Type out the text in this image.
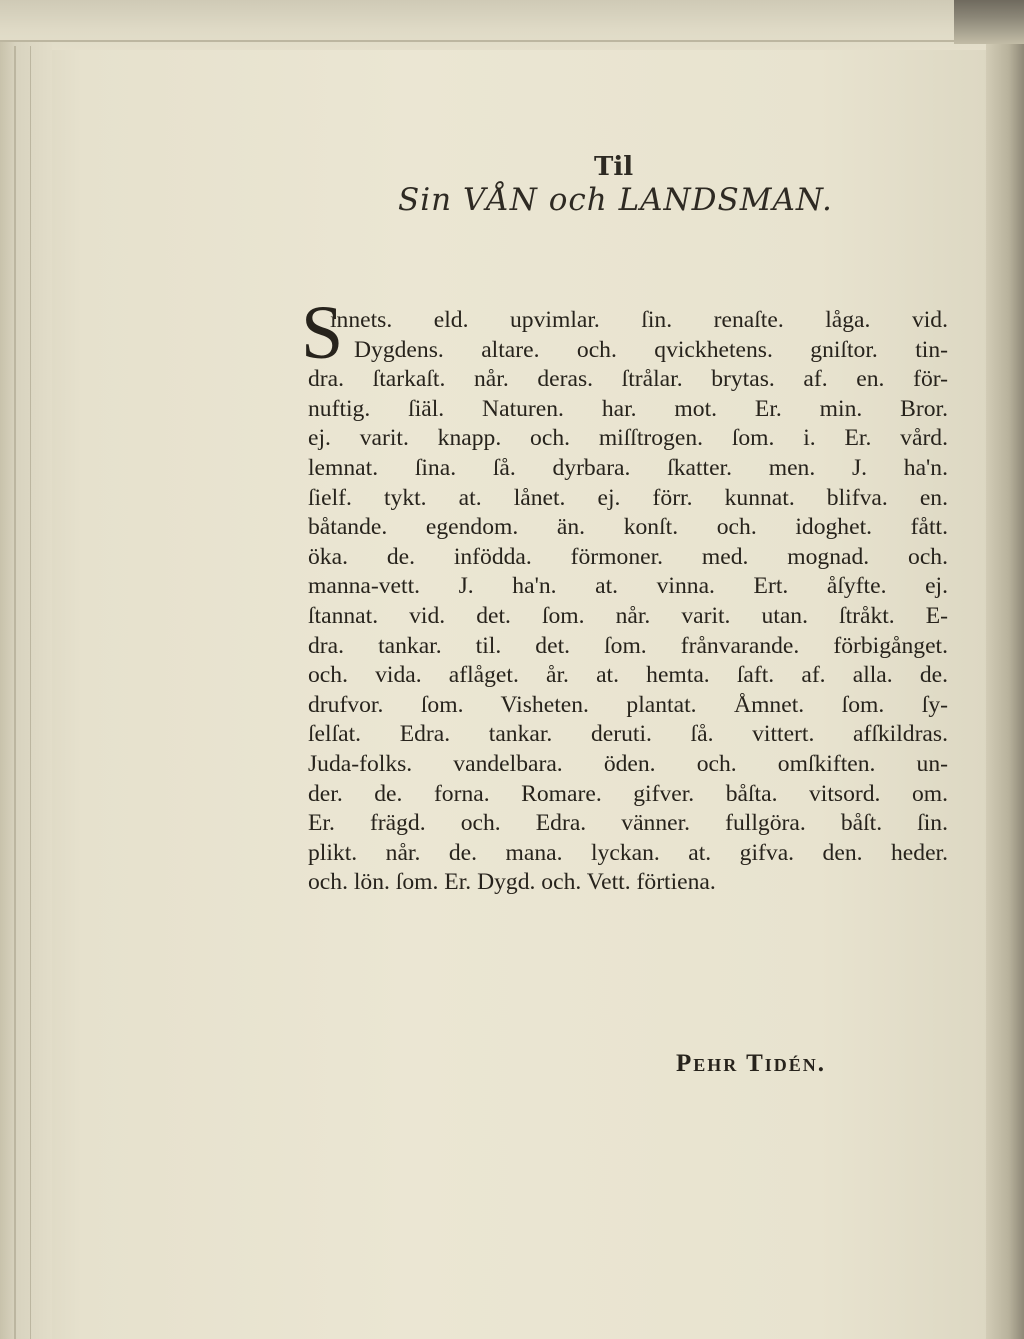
Til
Sin VÅN och LANDSMAN.
S
innets. eld. upvimlar. ſin. renaſte. låga. vid.
Dygdens. altare. och. qvickhetens. gniſtor. tin-
dra. ſtarkaſt. når. deras. ſtrålar. brytas. af. en. för-
nuftig. ſiäl. Naturen. har. mot. Er. min. Bror.
ej. varit. knapp. och. miſſtrogen. ſom. i. Er. vård.
lemnat. ſina. ſå. dyrbara. ſkatter. men. J. ha'n.
ſielf. tykt. at. lånet. ej. förr. kunnat. blifva. en.
båtande. egendom. än. konſt. och. idoghet. fått.
öka. de. infödda. förmoner. med. mognad. och.
manna-vett. J. ha'n. at. vinna. Ert. åſyfte. ej.
ſtannat. vid. det. ſom. når. varit. utan. ſtråkt. E-
dra. tankar. til. det. ſom. frånvarande. förbigånget.
och. vida. aflåget. år. at. hemta. ſaft. af. alla. de.
drufvor. ſom. Visheten. plantat. Åmnet. ſom. ſy-
ſelſat. Edra. tankar. deruti. ſå. vittert. afſkildras.
Juda-folks. vandelbara. öden. och. omſkiften. un-
der. de. forna. Romare. gifver. båſta. vitsord. om.
Er. frägd. och. Edra. vänner. fullgöra. båſt. ſin.
plikt. når. de. mana. lyckan. at. gifva. den. heder.
och. lön. ſom. Er. Dygd. och. Vett. förtiena.
Pehr Tidén.
